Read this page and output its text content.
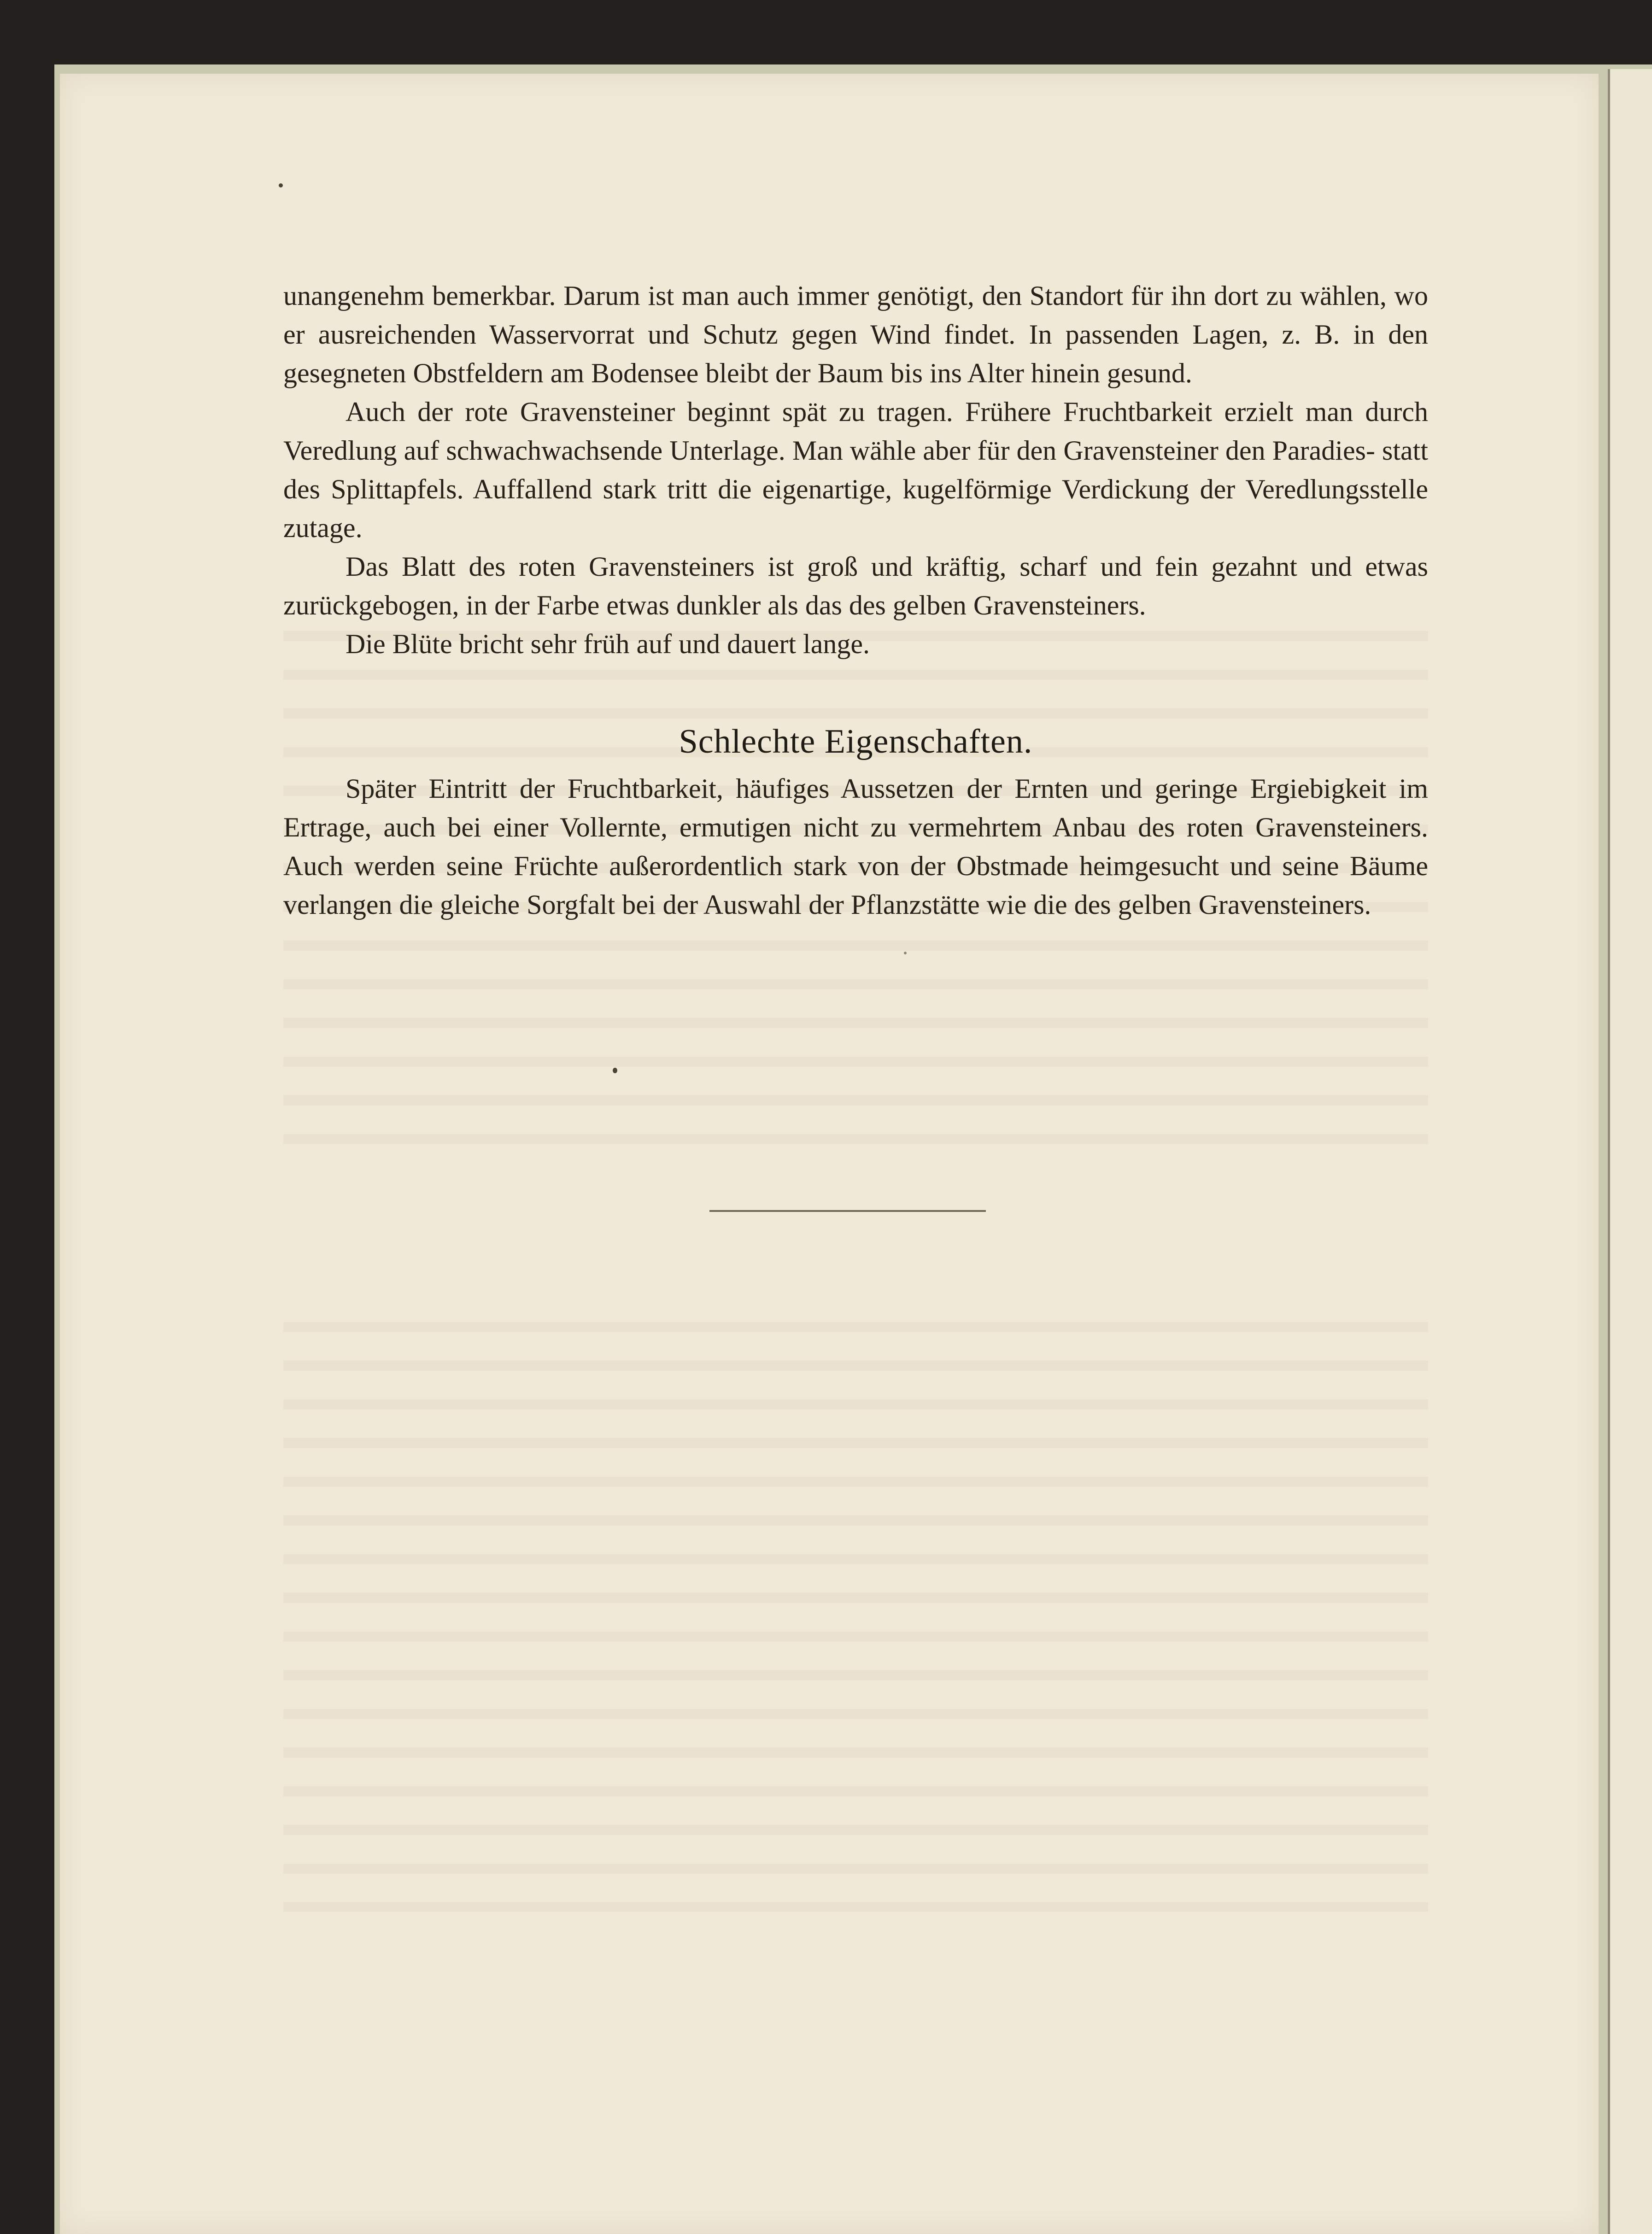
unangenehm bemerkbar. Darum ist man auch immer genötigt, den Standort für ihn dort zu wählen, wo er ausreichenden Wasservorrat und Schutz gegen Wind findet. In passenden Lagen, z. B. in den gesegneten Obstfeldern am Bodensee bleibt der Baum bis ins Alter hinein gesund.

Auch der rote Gravensteiner beginnt spät zu tragen. Frühere Fruchtbarkeit erzielt man durch Veredlung auf schwachwachsende Unterlage. Man wähle aber für den Gravensteiner den Paradies- statt des Splittapfels. Auffallend stark tritt die eigenartige, kugelförmige Verdickung der Veredlungsstelle zutage.

Das Blatt des roten Gravensteiners ist groß und kräftig, scharf und fein gezahnt und etwas zurückgebogen, in der Farbe etwas dunkler als das des gelben Gravensteiners.

Die Blüte bricht sehr früh auf und dauert lange.

Schlechte Eigenschaften.

Später Eintritt der Fruchtbarkeit, häufiges Aussetzen der Ernten und geringe Ergiebigkeit im Ertrage, auch bei einer Vollernte, ermutigen nicht zu vermehrtem Anbau des roten Gravensteiners. Auch werden seine Früchte außerordentlich stark von der Obstmade heimgesucht und seine Bäume verlangen die gleiche Sorgfalt bei der Auswahl der Pflanzstätte wie die des gelben Gravensteiners.
